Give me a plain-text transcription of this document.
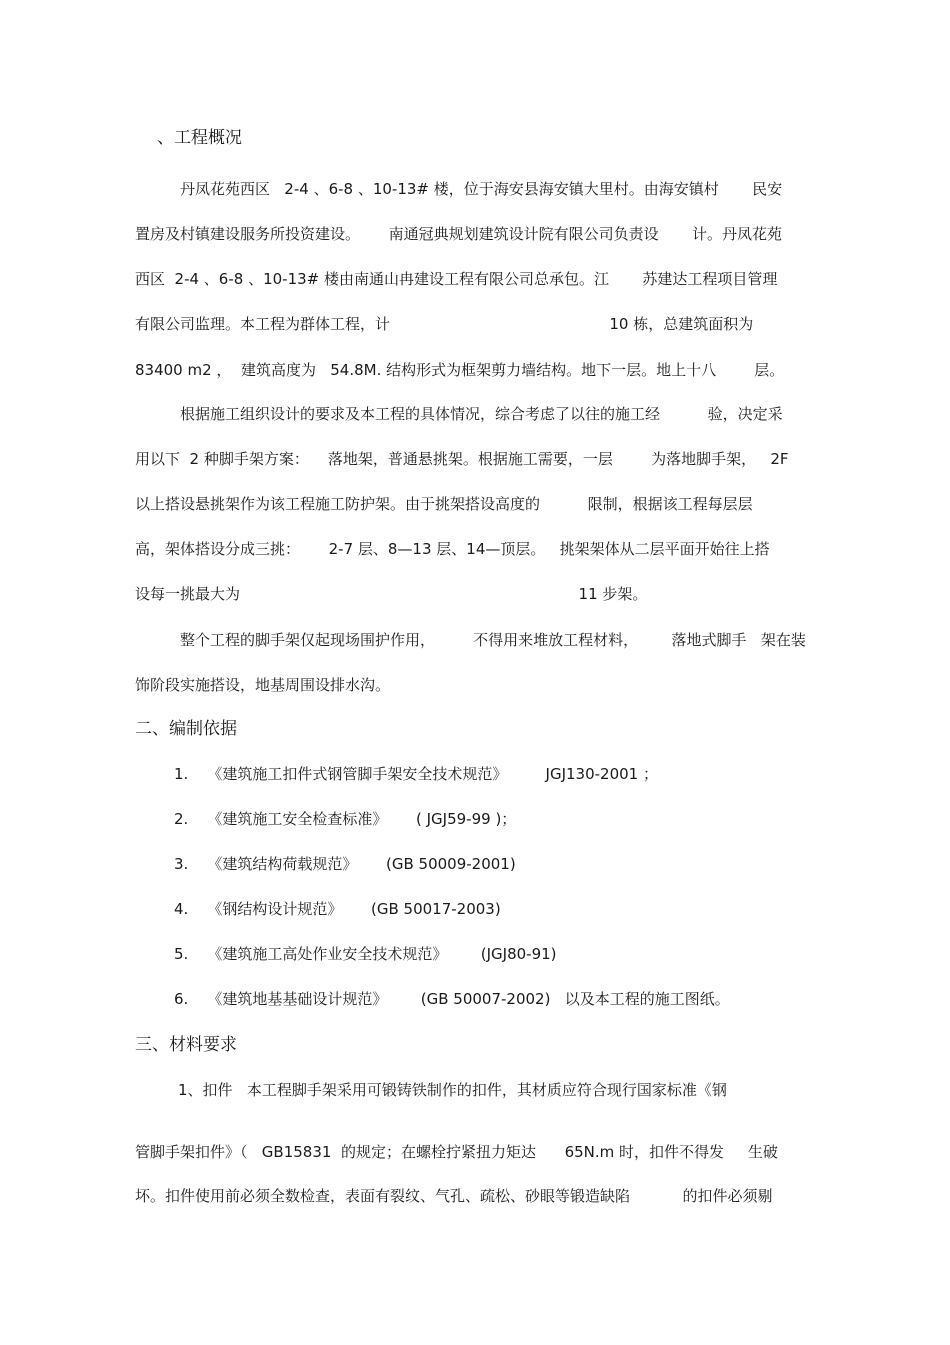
、工程概况
丹凤花苑西区   2-4 、6-8 、10-13# 楼，位于海安县海安镇大里村。由海安镇村       民安
置房及村镇建设服务所投资建设。      南通冠典规划建筑设计院有限公司负责设       计。丹凤花苑
西区  2-4 、6-8 、10-13# 楼由南通山冉建设工程有限公司总承包。江       苏建达工程项目管理
有限公司监理。本工程为群体工程，计                                              10 栋，总建筑面积为
83400 m2 ，  建筑高度为   54.8M. 结构形式为框架剪力墙结构。地下一层。地上十八        层。
根据施工组织设计的要求及本工程的具体情况，综合考虑了以往的施工经          验，决定采
用以下  2 种脚手架方案：    落地架，普通悬挑架。根据施工需要，一层        为落地脚手架，   2F
以上搭设悬挑架作为该工程施工防护架。由于挑架搭设高度的          限制，根据该工程每层层
高，架体搭设分成三挑：      2-7 层、8—13 层、14—顶层。   挑架架体从二层平面开始往上搭
设每一挑最大为                                                                       11 步架。
整个工程的脚手架仅起现场围护作用，        不得用来堆放工程材料，       落地式脚手   架在装
饰阶段实施搭设，地基周围设排水沟。
二、编制依据
1.    《建筑施工扣件式钢管脚手架安全技术规范》        JGJ130-2001 ；
2.    《建筑施工安全检查标准》      ( JGJ59-99 )；
3.    《建筑结构荷载规范》      (GB 50009-2001)
4.    《钢结构设计规范》      (GB 50017-2003)
5.    《建筑施工高处作业安全技术规范》       (JGJ80-91)
6.    《建筑地基基础设计规范》       (GB 50007-2002)   以及本工程的施工图纸。
三、材料要求
1、扣件   本工程脚手架采用可锻铸铁制作的扣件，其材质应符合现行国家标准《钢
管脚手架扣件》（   GB15831  的规定；在螺栓拧紧扭力矩达      65N.m 时，扣件不得发     生破
坏。扣件使用前必须全数检查，表面有裂纹、气孔、疏松、砂眼等锻造缺陷           的扣件必须剔
